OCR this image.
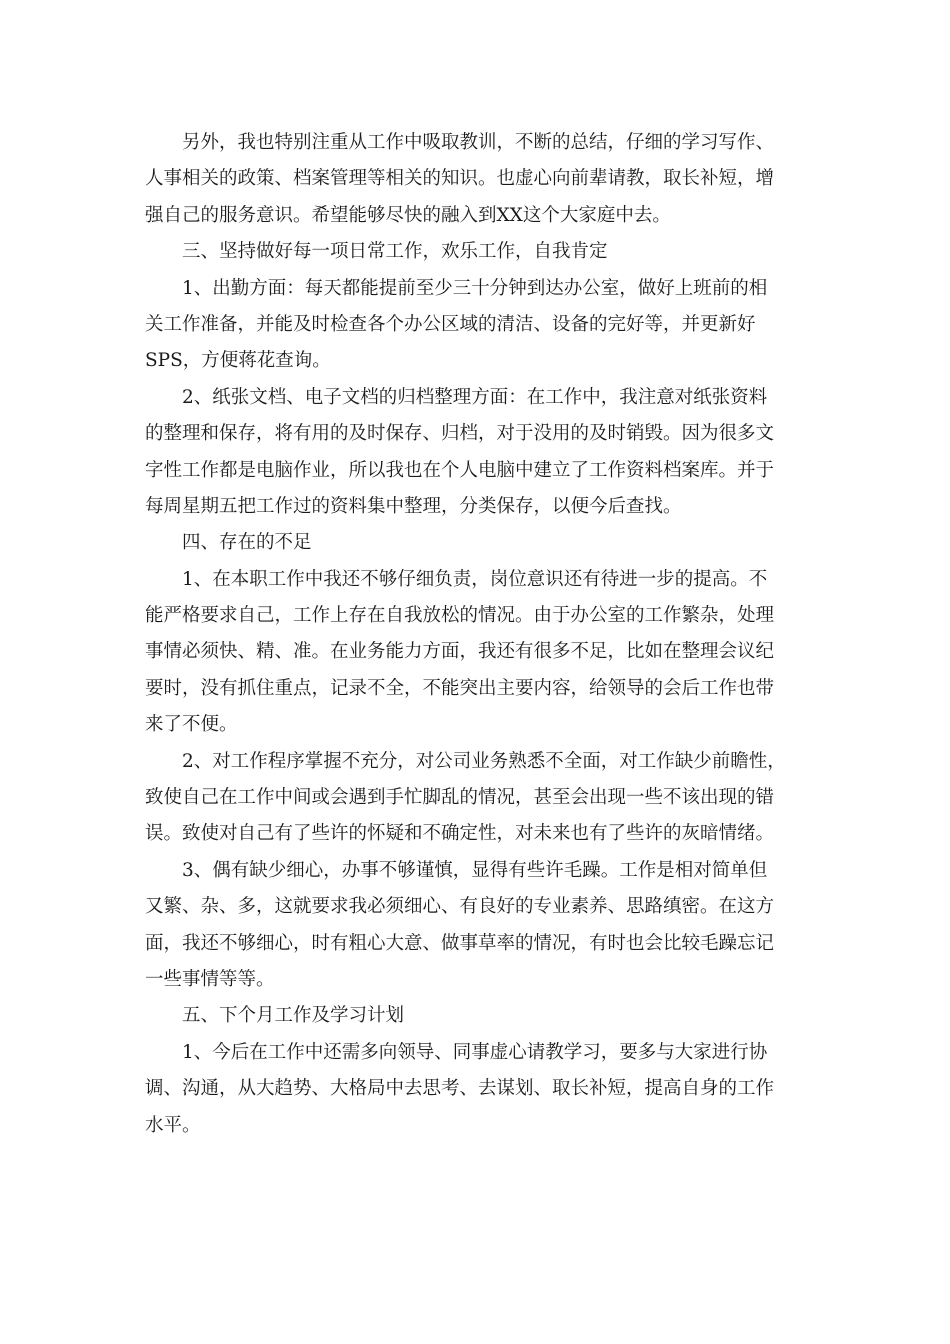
另外，我也特别注重从工作中吸取教训，不断的总结，仔细的学习写作、
人事相关的政策、档案管理等相关的知识。也虚心向前辈请教，取长补短，增
强自己的服务意识。希望能够尽快的融入到XX这个大家庭中去。
三、坚持做好每一项日常工作，欢乐工作，自我肯定
1、出勤方面：每天都能提前至少三十分钟到达办公室，做好上班前的相
关工作准备，并能及时检查各个办公区域的清洁、设备的完好等，并更新好
SPS，方便蒋花查询。
2、纸张文档、电子文档的归档整理方面：在工作中，我注意对纸张资料
的整理和保存，将有用的及时保存、归档，对于没用的及时销毁。因为很多文
字性工作都是电脑作业，所以我也在个人电脑中建立了工作资料档案库。并于
每周星期五把工作过的资料集中整理，分类保存，以便今后查找。
四、存在的不足
1、在本职工作中我还不够仔细负责，岗位意识还有待进一步的提高。不
能严格要求自己，工作上存在自我放松的情况。由于办公室的工作繁杂，处理
事情必须快、精、准。在业务能力方面，我还有很多不足，比如在整理会议纪
要时，没有抓住重点，记录不全，不能突出主要内容，给领导的会后工作也带
来了不便。
2、对工作程序掌握不充分，对公司业务熟悉不全面，对工作缺少前瞻性，
致使自己在工作中间或会遇到手忙脚乱的情况，甚至会出现一些不该出现的错
误。致使对自己有了些许的怀疑和不确定性，对未来也有了些许的灰暗情绪。
3、偶有缺少细心，办事不够谨慎，显得有些许毛躁。工作是相对简单但
又繁、杂、多，这就要求我必须细心、有良好的专业素养、思路缜密。在这方
面，我还不够细心，时有粗心大意、做事草率的情况，有时也会比较毛躁忘记
一些事情等等。
五、下个月工作及学习计划
1、今后在工作中还需多向领导、同事虚心请教学习，要多与大家进行协
调、沟通，从大趋势、大格局中去思考、去谋划、取长补短，提高自身的工作
水平。
